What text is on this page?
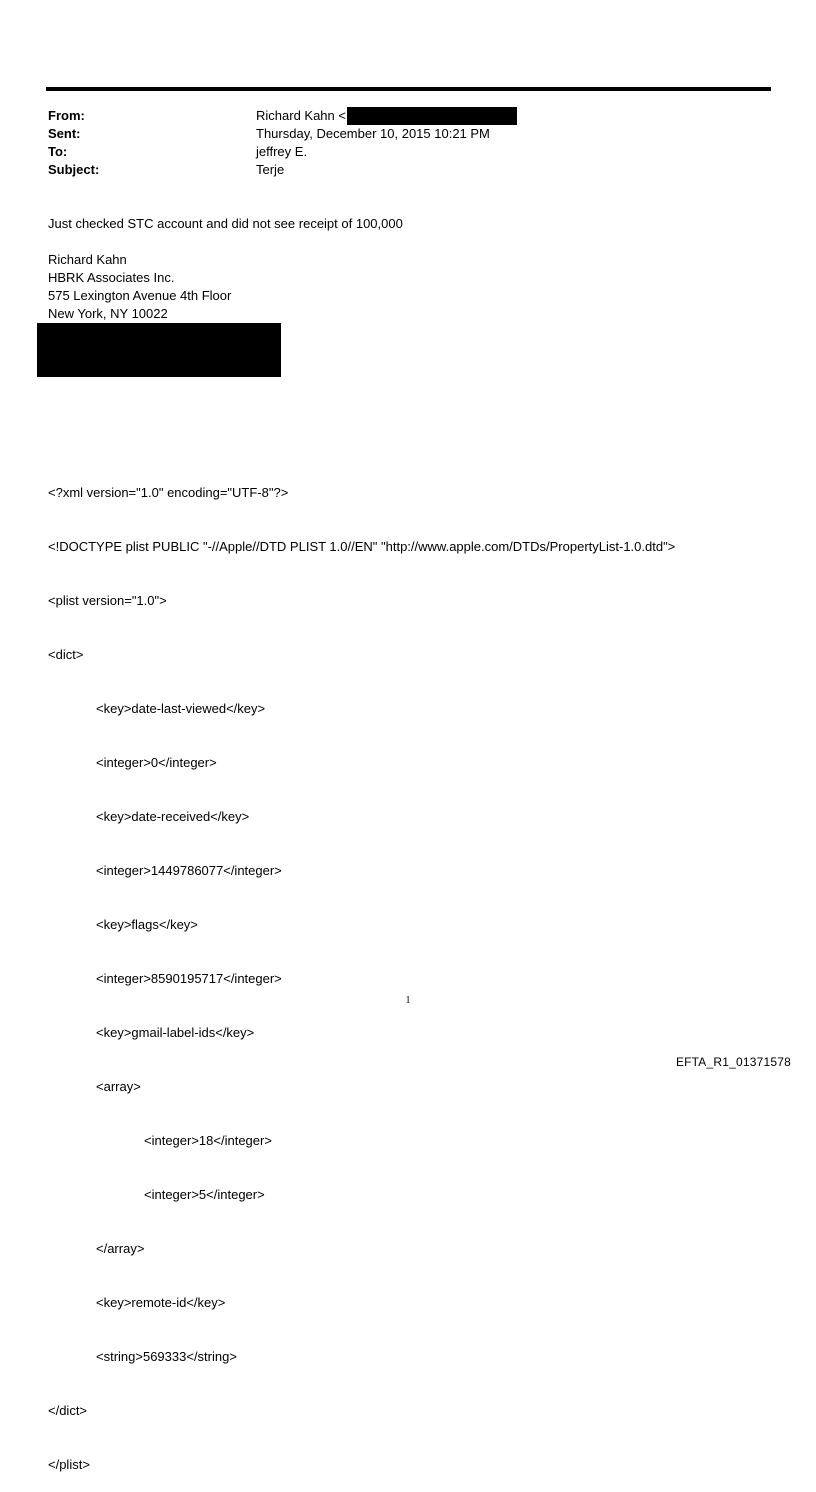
From:	Richard Kahn <
Sent:	Thursday, December 10, 2015 10:21 PM
To:	jeffrey E.
Subject:	Terje
Just checked STC account and did not see receipt of 100,000
Richard Kahn
HBRK Associates Inc.
575 Lexington Avenue 4th Floor
New York, NY 10022

<?xml version="1.0" encoding="UTF-8"?>

<!DOCTYPE plist PUBLIC "-//Apple//DTD PLIST 1.0//EN" "http://www.apple.com/DTDs/PropertyList-1.0.dtd">

<plist version="1.0">

<dict>

<key>date-last-viewed</key>

<integer>0</integer>

<key>date-received</key>

<integer>1449786077</integer>

<key>flags</key>

<integer>8590195717</integer>

<key>gmail-label-ids</key>

<array>

<integer>18</integer>

<integer>5</integer>

</array>

<key>remote-id</key>

<string>569333</string>

</dict>

</plist>

1
EFTA_R1_01371578
